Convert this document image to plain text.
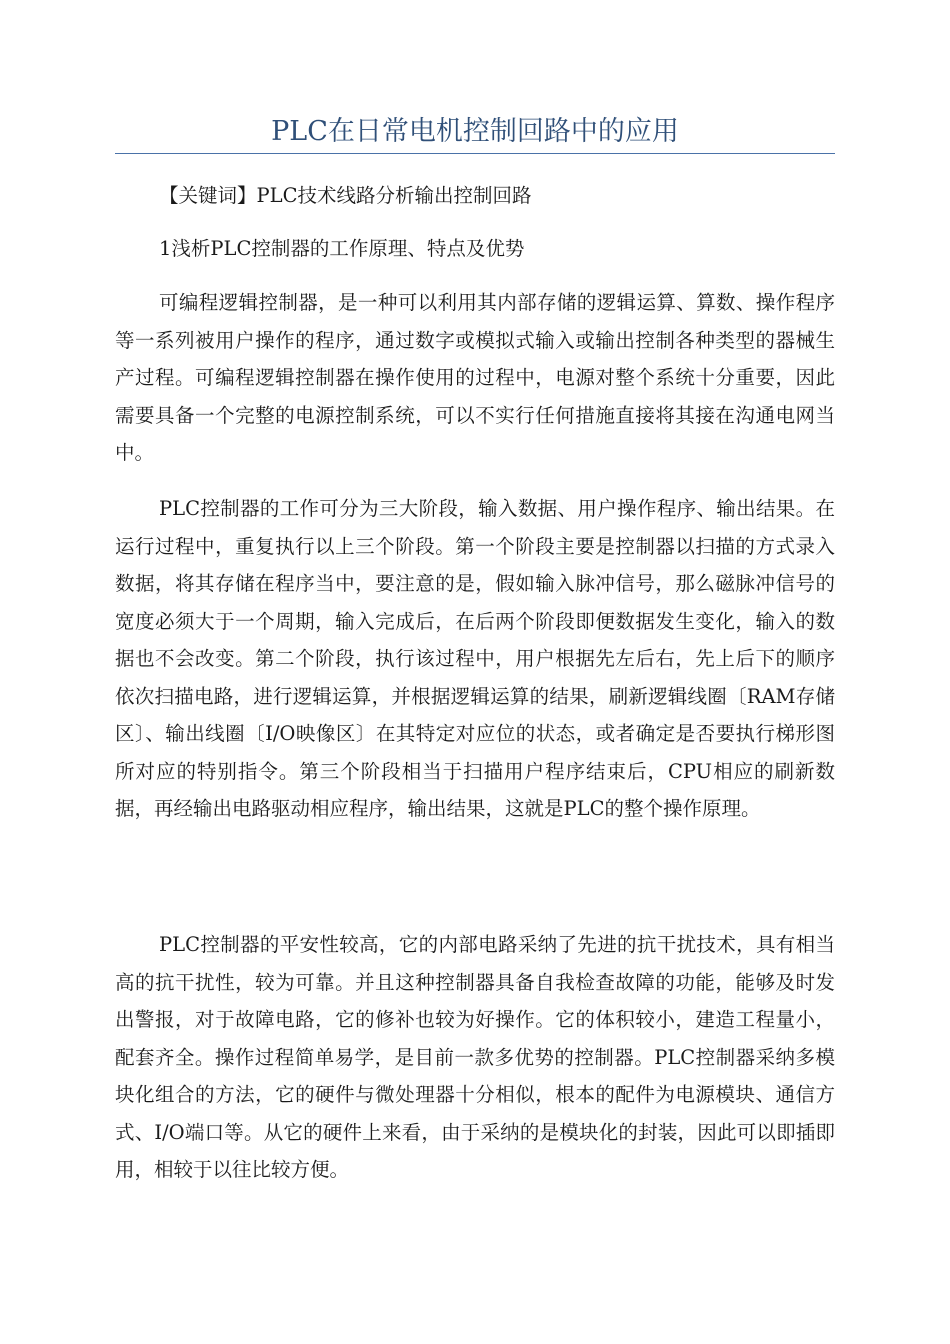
PLC在日常电机控制回路中的应用

【关键词】PLC技术线路分析输出控制回路

1浅析PLC控制器的工作原理、特点及优势

可编程逻辑控制器，是一种可以利用其内部存储的逻辑运算、算数、操作程序等一系列被用户操作的程序，通过数字或模拟式输入或输出控制各种类型的器械生产过程。可编程逻辑控制器在操作使用的过程中，电源对整个系统十分重要，因此需要具备一个完整的电源控制系统，可以不实行任何措施直接将其接在沟通电网当中。

PLC控制器的工作可分为三大阶段，输入数据、用户操作程序、输出结果。在运行过程中，重复执行以上三个阶段。第一个阶段主要是控制器以扫描的方式录入数据，将其存储在程序当中，要注意的是，假如输入脉冲信号，那么磁脉冲信号的宽度必须大于一个周期，输入完成后，在后两个阶段即便数据发生变化，输入的数据也不会改变。第二个阶段，执行该过程中，用户根据先左后右，先上后下的顺序依次扫描电路，进行逻辑运算，并根据逻辑运算的结果，刷新逻辑线圈〔RAM存储区〕、输出线圈〔I/O映像区〕在其特定对应位的状态，或者确定是否要执行梯形图所对应的特别指令。第三个阶段相当于扫描用户程序结束后，CPU相应的刷新数据，再经输出电路驱动相应程序，输出结果，这就是PLC的整个操作原理。

PLC控制器的平安性较高，它的内部电路采纳了先进的抗干扰技术，具有相当高的抗干扰性，较为可靠。并且这种控制器具备自我检查故障的功能，能够及时发出警报，对于故障电路，它的修补也较为好操作。它的体积较小，建造工程量小，配套齐全。操作过程简单易学，是目前一款多优势的控制器。PLC控制器采纳多模块化组合的方法，它的硬件与微处理器十分相似，根本的配件为电源模块、通信方式、I/O端口等。从它的硬件上来看，由于采纳的是模块化的封装，因此可以即插即用，相较于以往比较方便。
